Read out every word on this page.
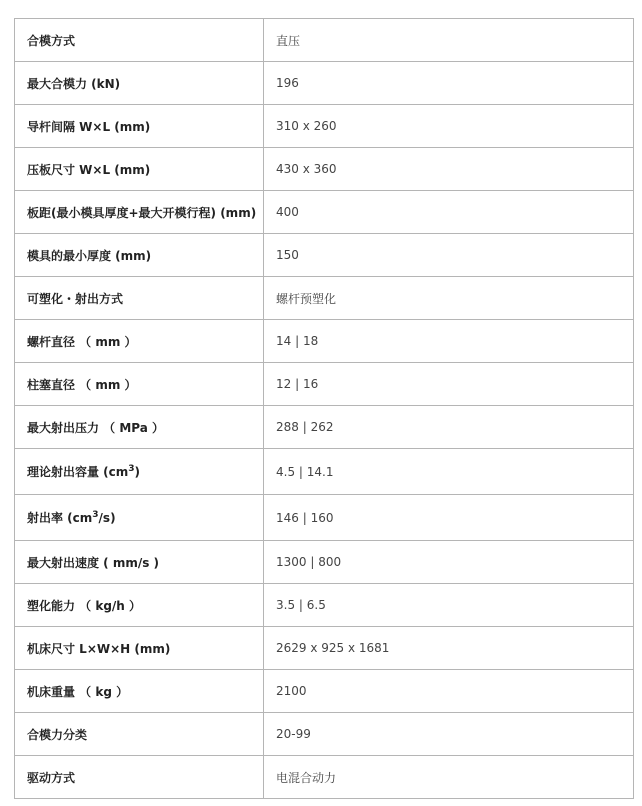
合模方式	直压
最大合模力 (kN)	196
导杆间隔 W×L (mm)	310 x 260
压板尺寸 W×L (mm)	430 x 360
板距(最小模具厚度+最大开模行程) (mm)	400
模具的最小厚度 (mm)	150
可塑化・射出方式	螺杆预塑化
螺杆直径 （ mm ）	14 | 18
柱塞直径 （ mm ）	12 | 16
最大射出压力 （ MPa ）	288 | 262
理论射出容量 $(cm^3)$	4.5 | 14.1
射出率 $(cm^3/s)$	146 | 160
最大射出速度 ( mm/s )	1300 | 800
塑化能力 （ kg/h ）	3.5 | 6.5
机床尺寸 L×W×H (mm)	2629 x 925 x 1681
机床重量 （ kg ）	2100
合模力分类	20-99
驱动方式	电混合动力
